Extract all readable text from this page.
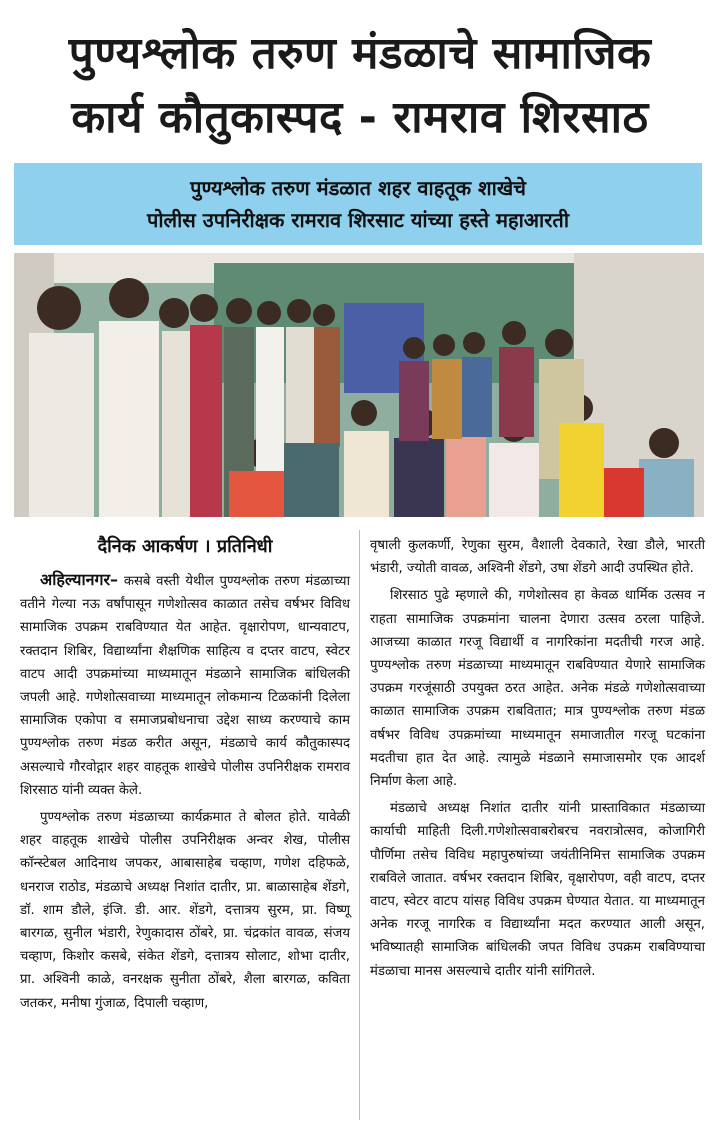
पुण्यश्लोक तरुण मंडळाचे सामाजिक
कार्य कौतुकास्पद - रामराव शिरसाठ
पुण्यश्लोक तरुण मंडळात शहर वाहतूक शाखेचे
पोलीस उपनिरीक्षक रामराव शिरसाट यांच्या हस्ते महाआरती
दैनिक आकर्षण । प्रतिनिधी

अहिल्यानगर– कसबे वस्ती येथील पुण्यश्लोक तरुण मंडळाच्या वतीने गेल्या नऊ वर्षांपासून गणेशोत्सव काळात तसेच वर्षभर विविध सामाजिक उपक्रम राबविण्यात येत आहेत. वृक्षारोपण, धान्यवाटप, रक्तदान शिबिर, विद्यार्थ्यांना शैक्षणिक साहित्य व दप्तर वाटप, स्वेटर वाटप आदी उपक्रमांच्या माध्यमातून मंडळाने सामाजिक बांधिलकी जपली आहे. गणेशोत्सवाच्या माध्यमातून लोकमान्य टिळकांनी दिलेला सामाजिक एकोपा व समाजप्रबोधनाचा उद्देश साध्य करण्याचे काम पुण्यश्लोक तरुण मंडळ करीत असून, मंडळाचे कार्य कौतुकास्पद असल्याचे गौरवोद्गार शहर वाहतूक शाखेचे पोलीस उपनिरीक्षक रामराव शिरसाठ यांनी व्यक्त केले.

पुण्यश्लोक तरुण मंडळाच्या कार्यक्रमात ते बोलत होते. यावेळी शहर वाहतूक शाखेचे पोलीस उपनिरीक्षक अन्वर शेख, पोलीस कॉन्स्टेबल आदिनाथ जपकर, आबासाहेब चव्हाण, गणेश दहिफळे, धनराज राठोड, मंडळाचे अध्यक्ष निशांत दातीर, प्रा. बाळासाहेब शेंडगे, डॉ. शाम डौले, इंजि. डी. आर. शेंडगे, दत्तात्रय सुरम, प्रा. विष्णू बारगळ, सुनील भंडारी, रेणुकादास ठोंबरे, प्रा. चंद्रकांत वावळ, संजय चव्हाण, किशोर कसबे, संकेत शेंडगे, दत्तात्रय सोलाट, शोभा दातीर, प्रा. अश्विनी काळे, वनरक्षक सुनीता ठोंबरे, शैला बारगळ, कविता जतकर, मनीषा गुंजाळ, दिपाली चव्हाण,

वृषाली कुलकर्णी, रेणुका सुरम, वैशाली देवकाते, रेखा डौले, भारती भंडारी, ज्योती वावळ, अश्विनी शेंडगे, उषा शेंडगे आदी उपस्थित होते.

शिरसाठ पुढे म्हणाले की, गणेशोत्सव हा केवळ धार्मिक उत्सव न राहता सामाजिक उपक्रमांना चालना देणारा उत्सव ठरला पाहिजे. आजच्या काळात गरजू विद्यार्थी व नागरिकांना मदतीची गरज आहे. पुण्यश्लोक तरुण मंडळाच्या माध्यमातून राबविण्यात येणारे सामाजिक उपक्रम गरजूंसाठी उपयुक्त ठरत आहेत. अनेक मंडळे गणेशोत्सवाच्या काळात सामाजिक उपक्रम राबवितात; मात्र पुण्यश्लोक तरुण मंडळ वर्षभर विविध उपक्रमांच्या माध्यमातून समाजातील गरजू घटकांना मदतीचा हात देत आहे. त्यामुळे मंडळाने समाजासमोर एक आदर्श निर्माण केला आहे.

मंडळाचे अध्यक्ष निशांत दातीर यांनी प्रास्ताविकात मंडळाच्या कार्याची माहिती दिली.गणेशोत्सवाबरोबरच नवरात्रोत्सव, कोजागिरी पौर्णिमा तसेच विविध महापुरुषांच्या जयंतीनिमित्त सामाजिक उपक्रम राबविले जातात. वर्षभर रक्तदान शिबिर, वृक्षारोपण, वही वाटप, दप्तर वाटप, स्वेटर वाटप यांसह विविध उपक्रम घेण्यात येतात. या माध्यमातून अनेक गरजू नागरिक व विद्यार्थ्यांना मदत करण्यात आली असून, भविष्यातही सामाजिक बांधिलकी जपत विविध उपक्रम राबविण्याचा मंडळाचा मानस असल्याचे दातीर यांनी सांगितले.
